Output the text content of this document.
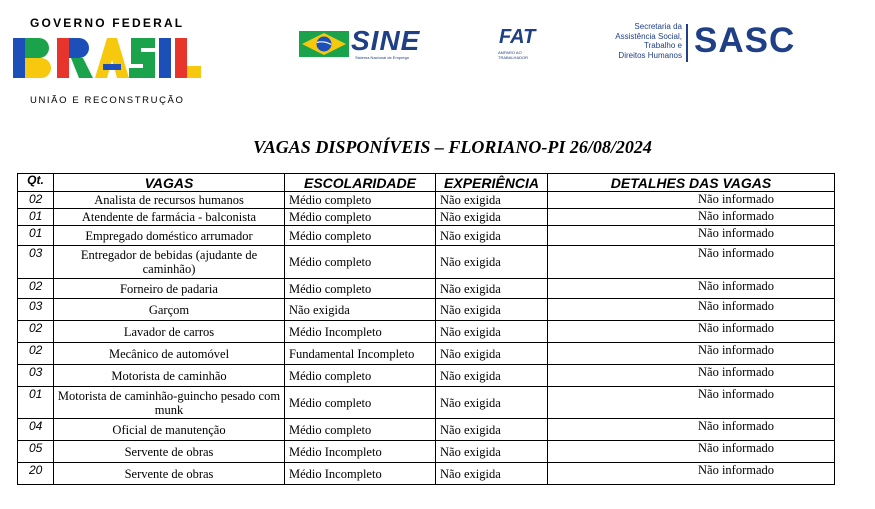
GOVERNO FEDERAL
UNIÃO E RECONSTRUÇÃO
SINE
Sistema Nacional de Emprego
FAT
AMPARO AO
TRABALHADOR
Secretaria da
Assistência Social,
Trabalho e
Direitos Humanos SASC
VAGAS DISPONÍVEIS – FLORIANO-PI 26/08/2024
Qt.	VAGAS	ESCOLARIDADE	EXPERIÊNCIA	DETALHES DAS VAGAS
02	Analista de recursos humanos	Médio completo	Não exigida	Não informado
01	Atendente de farmácia - balconista	Médio completo	Não exigida	Não informado
01	Empregado doméstico arrumador	Médio completo	Não exigida	Não informado
03	Entregador de bebidas (ajudante de caminhão)	Médio completo	Não exigida	Não informado
02	Forneiro de padaria	Médio completo	Não exigida	Não informado
03	Garçom	Não exigida	Não exigida	Não informado
02	Lavador de carros	Médio Incompleto	Não exigida	Não informado
02	Mecânico de automóvel	Fundamental Incompleto	Não exigida	Não informado
03	Motorista de caminhão	Médio completo	Não exigida	Não informado
01	Motorista de caminhão-guincho pesado com munk	Médio completo	Não exigida	Não informado
04	Oficial de manutenção	Médio completo	Não exigida	Não informado
05	Servente de obras	Médio Incompleto	Não exigida	Não informado
20	Servente de obras	Médio Incompleto	Não exigida	Não informado
